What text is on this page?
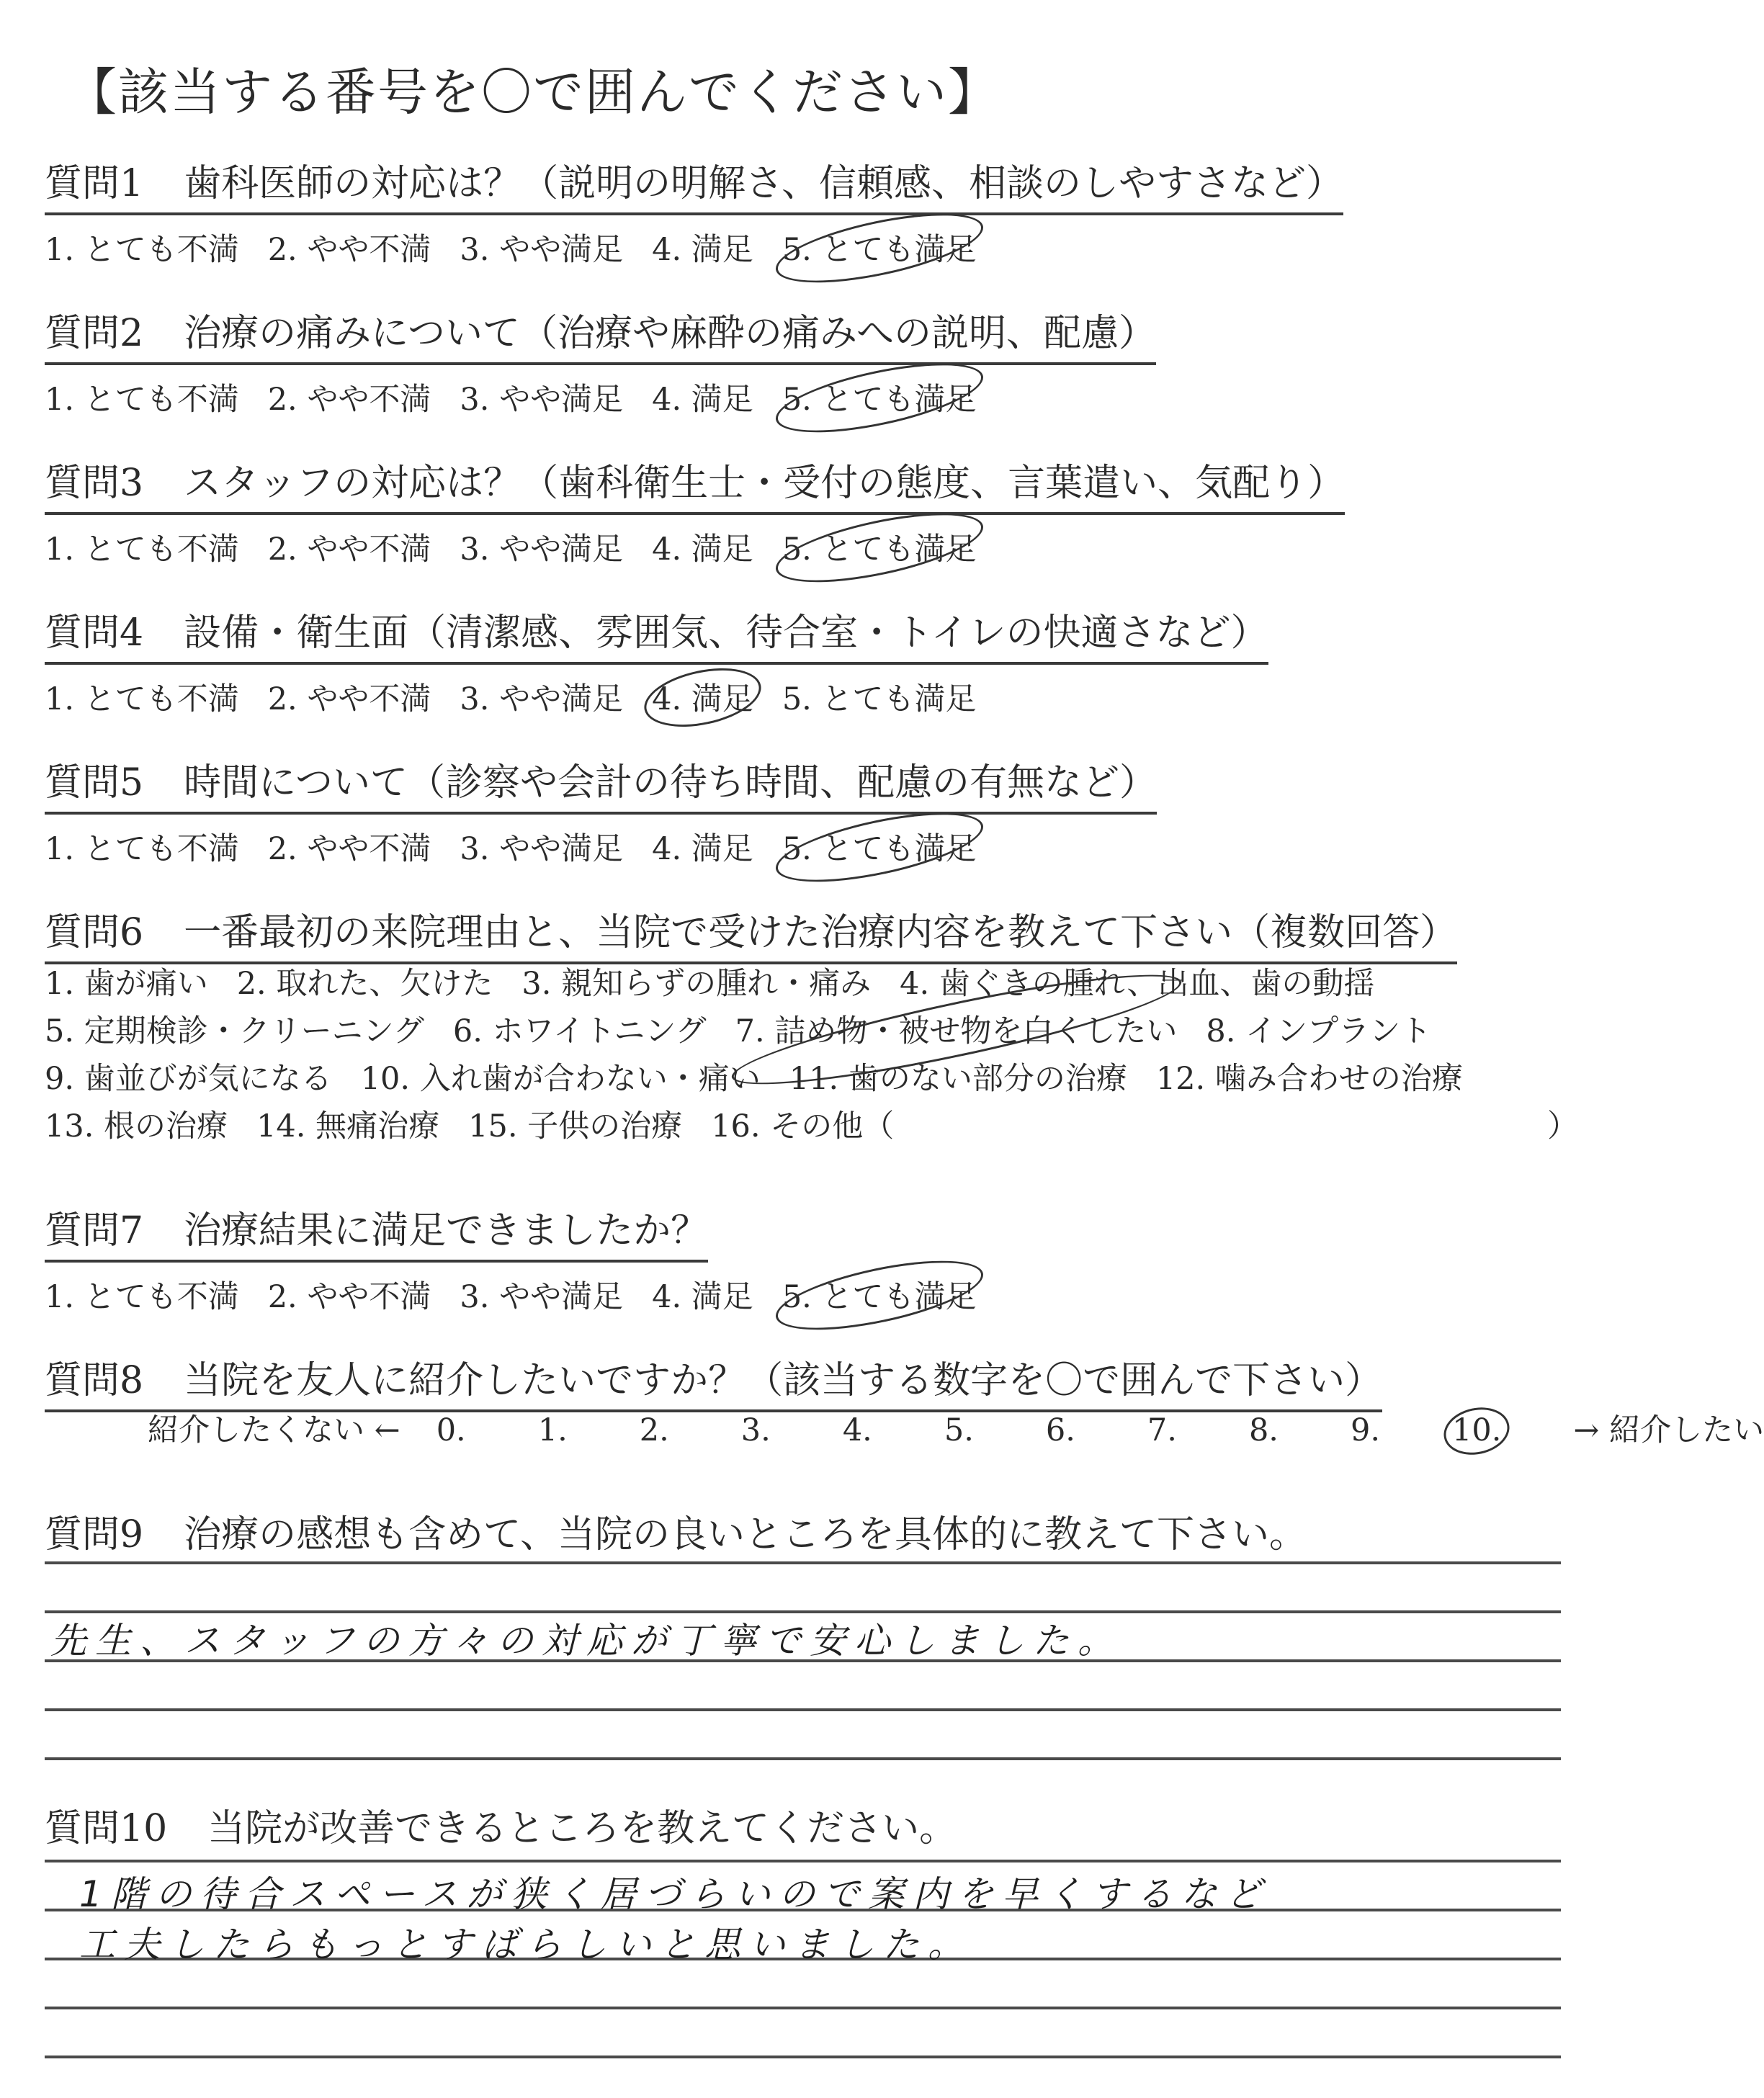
【該当する番号を〇で囲んでください】
質問1 歯科医師の対応は？（説明の明解さ、信頼感、相談のしやすさなど）
1. とても不満 2. やや不満 3. やや満足 4. 満足 5. とても満足
質問2 治療の痛みについて（治療や麻酔の痛みへの説明、配慮）
1. とても不満 2. やや不満 3. やや満足 4. 満足 5. とても満足
質問3 スタッフの対応は？（歯科衛生士・受付の態度、言葉遣い、気配り）
1. とても不満 2. やや不満 3. やや満足 4. 満足 5. とても満足
質問4 設備・衛生面（清潔感、雰囲気、待合室・トイレの快適さなど）
1. とても不満 2. やや不満 3. やや満足 4. 満足 5. とても満足
質問5 時間について（診察や会計の待ち時間、配慮の有無など）
1. とても不満 2. やや不満 3. やや満足 4. 満足 5. とても満足
質問6 一番最初の来院理由と、当院で受けた治療内容を教えて下さい（複数回答）
1. 歯が痛い 2. 取れた、欠けた 3. 親知らずの腫れ・痛み 4. 歯ぐきの腫れ、出血、歯の動揺
5. 定期検診・クリーニング 6. ホワイトニング 7. 詰め物・被せ物を白くしたい 8. インプラント
9. 歯並びが気になる 10. 入れ歯が合わない・痛い 11. 歯のない部分の治療 12. 噛み合わせの治療
13. 根の治療 14. 無痛治療 15. 子供の治療 16. その他（	）
質問7 治療結果に満足できましたか？
1. とても不満 2. やや不満 3. やや満足 4. 満足 5. とても満足
質問8 当院を友人に紹介したいですか？（該当する数字を〇で囲んで下さい）
紹介したくない ← 0. 1. 2. 3. 4. 5. 6. 7. 8. 9. 10. → 紹介したい
質問9 治療の感想も含めて、当院の良いところを具体的に教えて下さい。
先生、スタッフの方々の対応が丁寧で安心しました。
質問10 当院が改善できるところを教えてください。
1階の待合スペースが狭く居づらいので案内を早くするなど
工夫したらもっとすばらしいと思いました。
